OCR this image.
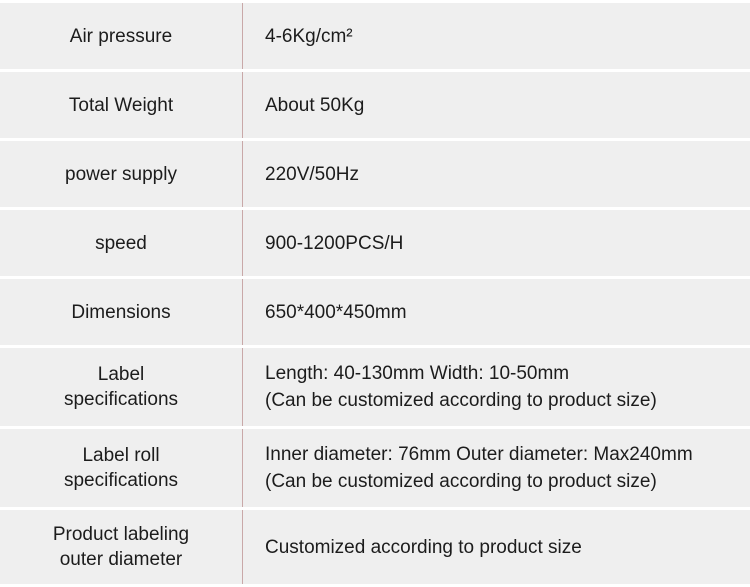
Air pressure	4-6Kg/cm²

Total Weight	About 50Kg

power supply	220V/50Hz

speed	900-1200PCS/H

Dimensions	650*400*450mm

Label
specifications	Length: 40-130mm Width: 10-50mm
(Can be customized according to product size)

Label roll
specifications	Inner diameter: 76mm Outer diameter: Max240mm
(Can be customized according to product size)

Product labeling
outer diameter	Customized according to product size
